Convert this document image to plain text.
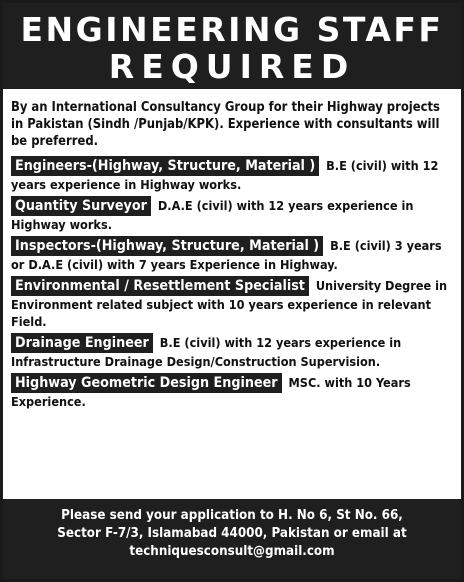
ENGINEERING STAFF
REQUIRED

By an International Consultancy Group for their Highway projects in Pakistan (Sindh /Punjab/KPK). Experience with consultants will be preferred.

Engineers-(Highway, Structure, Material ) B.E (civil) with 12 years experience in Highway works.

Quantity Surveyor D.A.E (civil) with 12 years experience in Highway works.

Inspectors-(Highway, Structure, Material ) B.E (civil) 3 years or D.A.E (civil) with 7 years Experience in Highway.

Environmental / Resettlement Specialist University Degree in Environment related subject with 10 years experience in relevant Field.

Drainage Engineer B.E (civil) with 12 years experience in Infrastructure Drainage Design/Construction Supervision.

Highway Geometric Design Engineer MSC. with 10 Years Experience.

Please send your application to H. No 6, St No. 66,
Sector F-7/3, Islamabad 44000, Pakistan or email at
techniquesconsult@gmail.com
